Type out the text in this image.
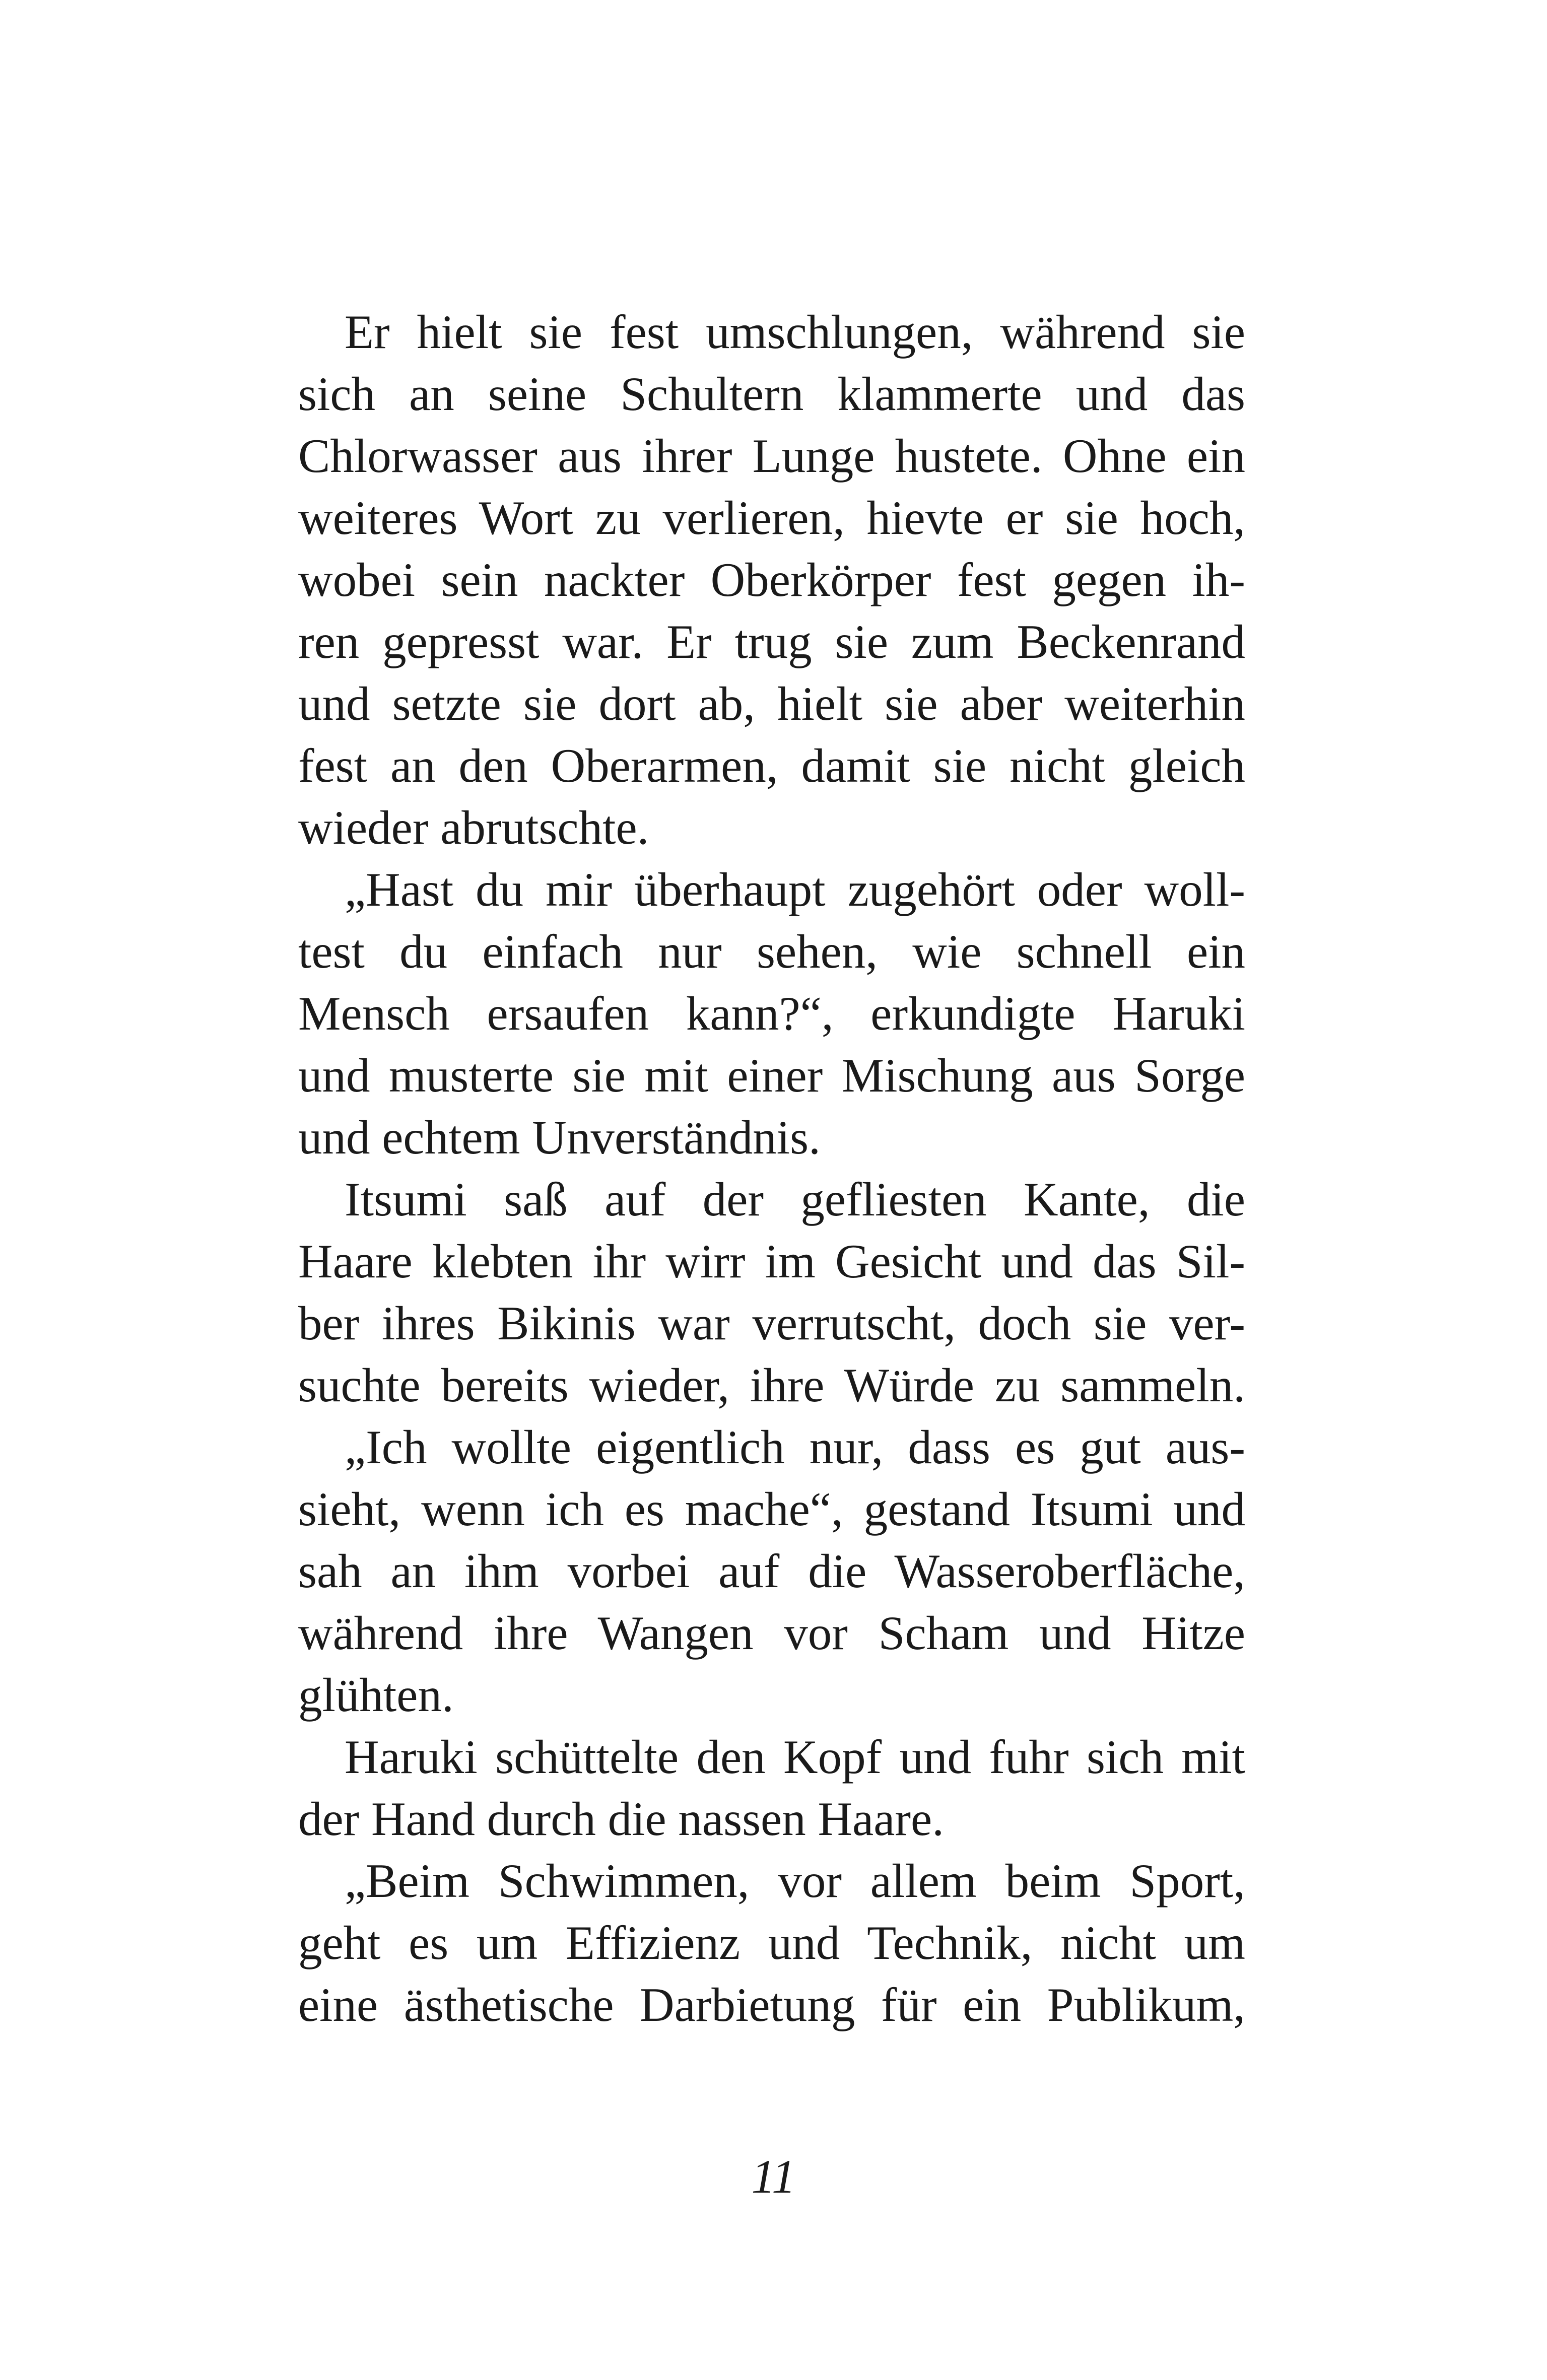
Er hielt sie fest umschlungen, während sie
sich an seine Schultern klammerte und das
Chlorwasser aus ihrer Lunge hustete. Ohne ein
weiteres Wort zu verlieren, hievte er sie hoch,
wobei sein nackter Oberkörper fest gegen ih-
ren gepresst war. Er trug sie zum Beckenrand
und setzte sie dort ab, hielt sie aber weiterhin
fest an den Oberarmen, damit sie nicht gleich
wieder abrutschte.
„Hast du mir überhaupt zugehört oder woll-
test du einfach nur sehen, wie schnell ein
Mensch ersaufen kann?“, erkundigte Haruki
und musterte sie mit einer Mischung aus Sorge
und echtem Unverständnis.
Itsumi saß auf der gefliesten Kante, die
Haare klebten ihr wirr im Gesicht und das Sil-
ber ihres Bikinis war verrutscht, doch sie ver-
suchte bereits wieder, ihre Würde zu sammeln.
„Ich wollte eigentlich nur, dass es gut aus-
sieht, wenn ich es mache“, gestand Itsumi und
sah an ihm vorbei auf die Wasseroberfläche,
während ihre Wangen vor Scham und Hitze
glühten.
Haruki schüttelte den Kopf und fuhr sich mit
der Hand durch die nassen Haare.
„Beim Schwimmen, vor allem beim Sport,
geht es um Effizienz und Technik, nicht um
eine ästhetische Darbietung für ein Publikum,
11
